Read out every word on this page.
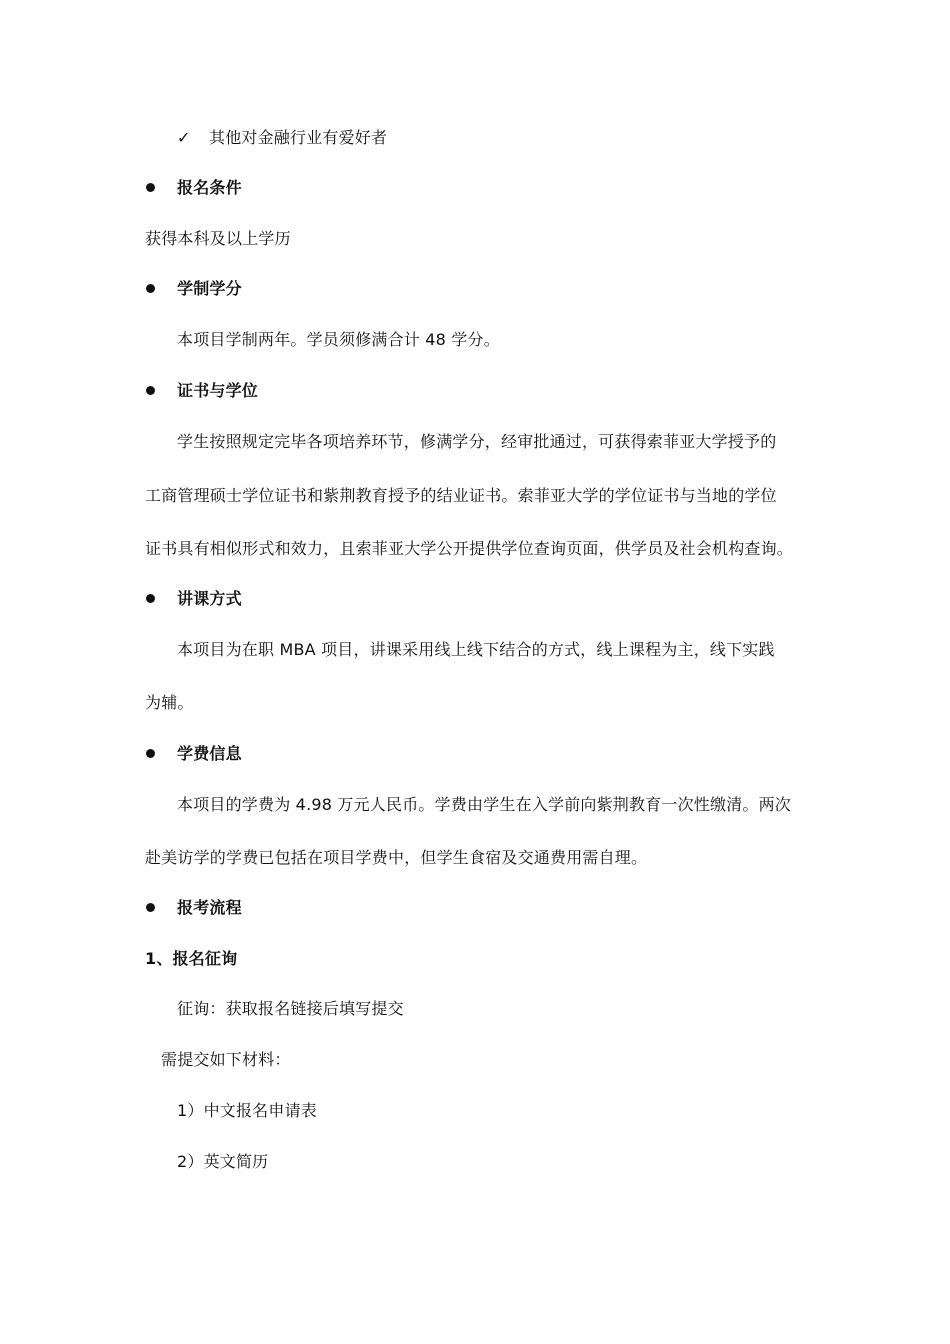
✓ 其他对金融行业有爱好者
报名条件
获得本科及以上学历
学制学分
本项目学制两年。学员须修满合计 48 学分。
证书与学位
学生按照规定完毕各项培养环节，修满学分，经审批通过，可获得索菲亚大学授予的
工商管理硕士学位证书和紫荆教育授予的结业证书。索菲亚大学的学位证书与当地的学位
证书具有相似形式和效力，且索菲亚大学公开提供学位查询页面，供学员及社会机构查询。
讲课方式
本项目为在职 MBA 项目，讲课采用线上线下结合的方式，线上课程为主，线下实践
为辅。
学费信息
本项目的学费为 4.98 万元人民币。学费由学生在入学前向紫荆教育一次性缴清。两次
赴美访学的学费已包括在项目学费中，但学生食宿及交通费用需自理。
报考流程
1、报名征询
征询：获取报名链接后填写提交
需提交如下材料：
1）中文报名申请表
2）英文简历
